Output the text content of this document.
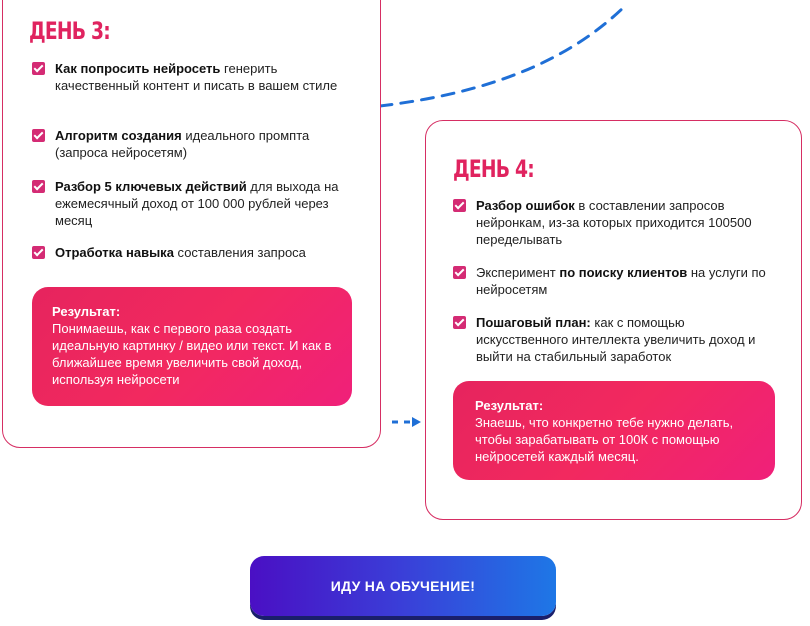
ДЕНЬ 3:
Как попросить нейросеть генерить качественный контент и писать в вашем стиле
Алгоритм создания идеального промпта (запроса нейросетям)
Разбор 5 ключевых действий для выхода на ежемесячный доход от 100 000 рублей через месяц
Отработка навыка составления запроса
Результат:
Понимаешь, как с первого раза создать идеальную картинку / видео или текст. И как в ближайшее время увеличить свой доход, используя нейросети
ДЕНЬ 4:
Разбор ошибок в составлении запросов нейронкам, из-за которых приходится 100500 переделывать
Эксперимент по поиску клиентов на услуги по нейросетям
Пошаговый план: как с помощью искусственного интеллекта увеличить доход и выйти на стабильный заработок
Результат:
Знаешь, что конкретно тебе нужно делать, чтобы зарабатывать от 100К с помощью нейросетей каждый месяц.
ИДУ НА ОБУЧЕНИЕ!
